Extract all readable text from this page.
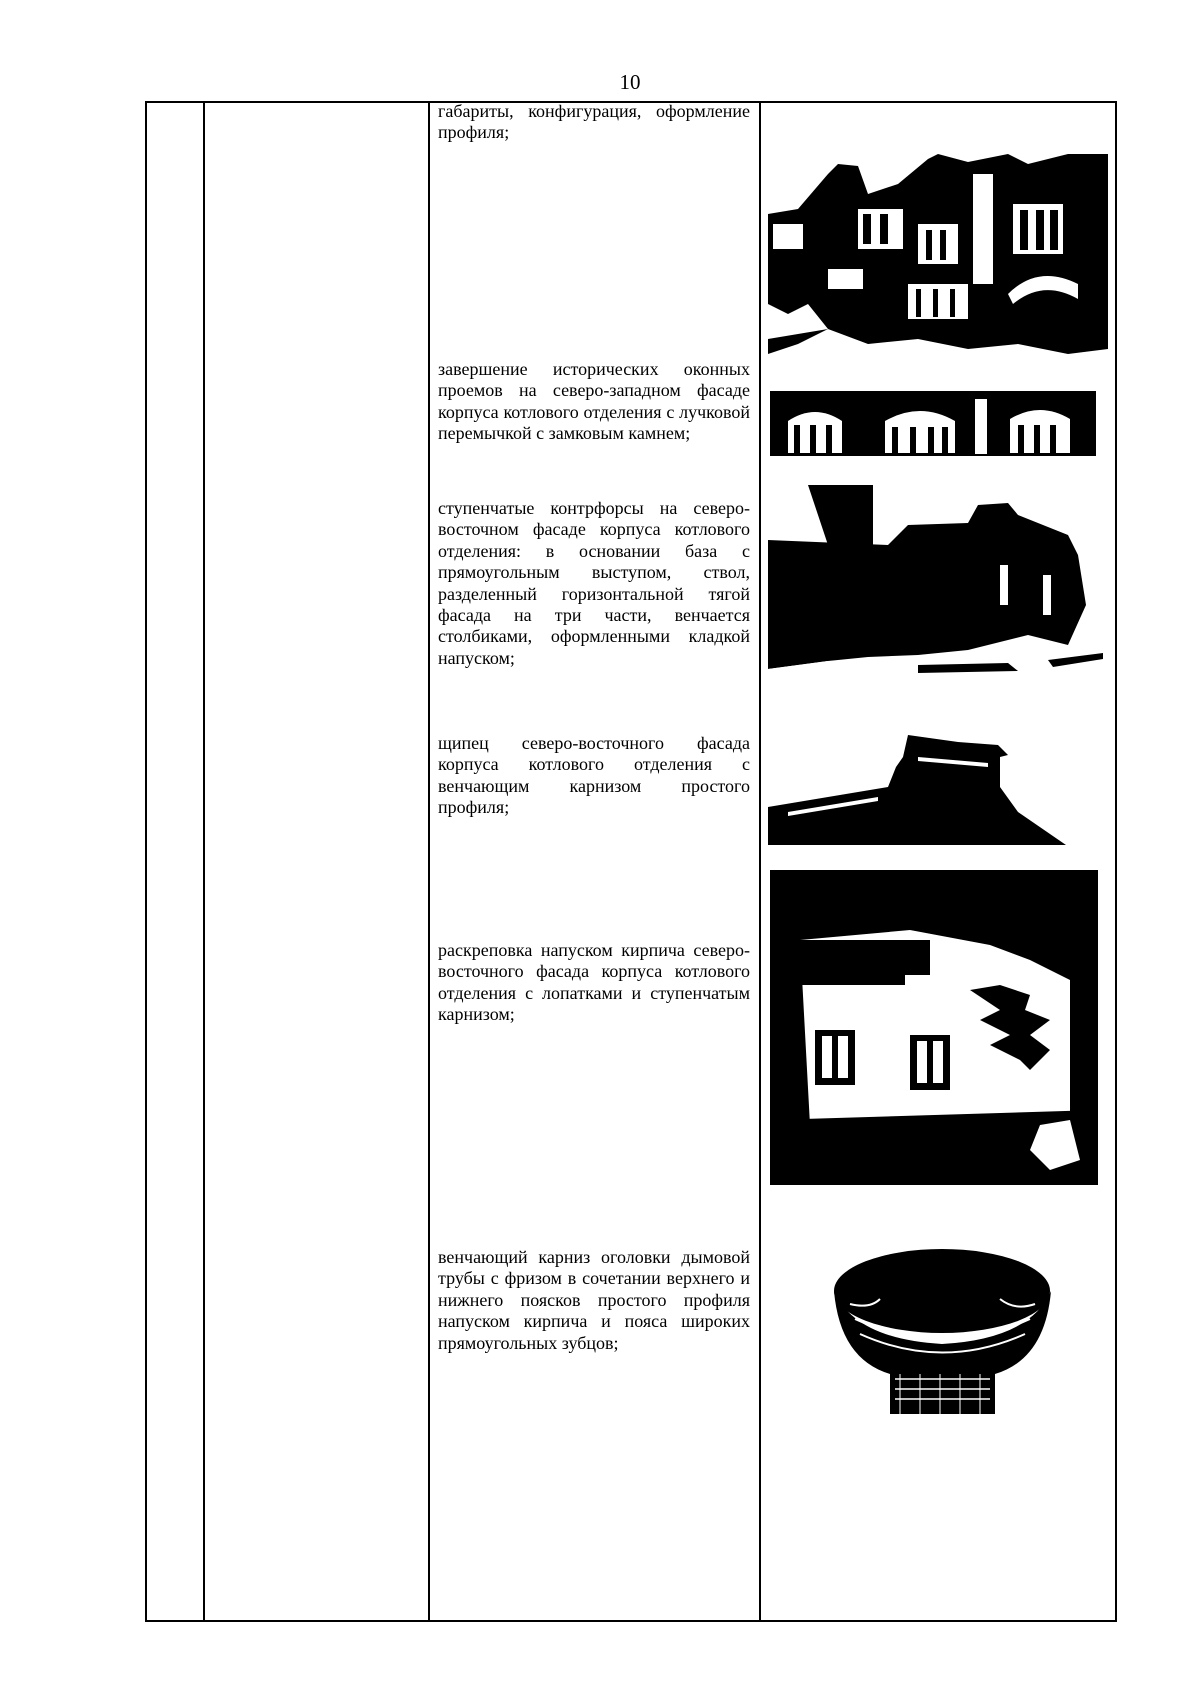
10
габариты, конфигурация, оформление профиля;
завершение исторических оконных проемов на северо-западном фасаде корпуса котлового отделения с лучковой перемычкой с замковым камнем;
ступенчатые контрфорсы на северо-восточном фасаде корпуса котлового отделения: в основании база с прямоугольным выступом, ствол, разделенный горизонтальной тягой фасада на три части, венчается столбиками, оформленными кладкой напуском;
щипец северо-восточного фасада корпуса котлового отделения с венчающим карнизом простого профиля;
раскреповка напуском кирпича северо-восточного фасада корпуса котлового отделения с лопатками и ступенчатым карнизом;
венчающий карниз оголовки дымовой трубы с фризом в сочетании верхнего и нижнего поясков простого профиля напуском кирпича и пояса широких прямоугольных зубцов;
